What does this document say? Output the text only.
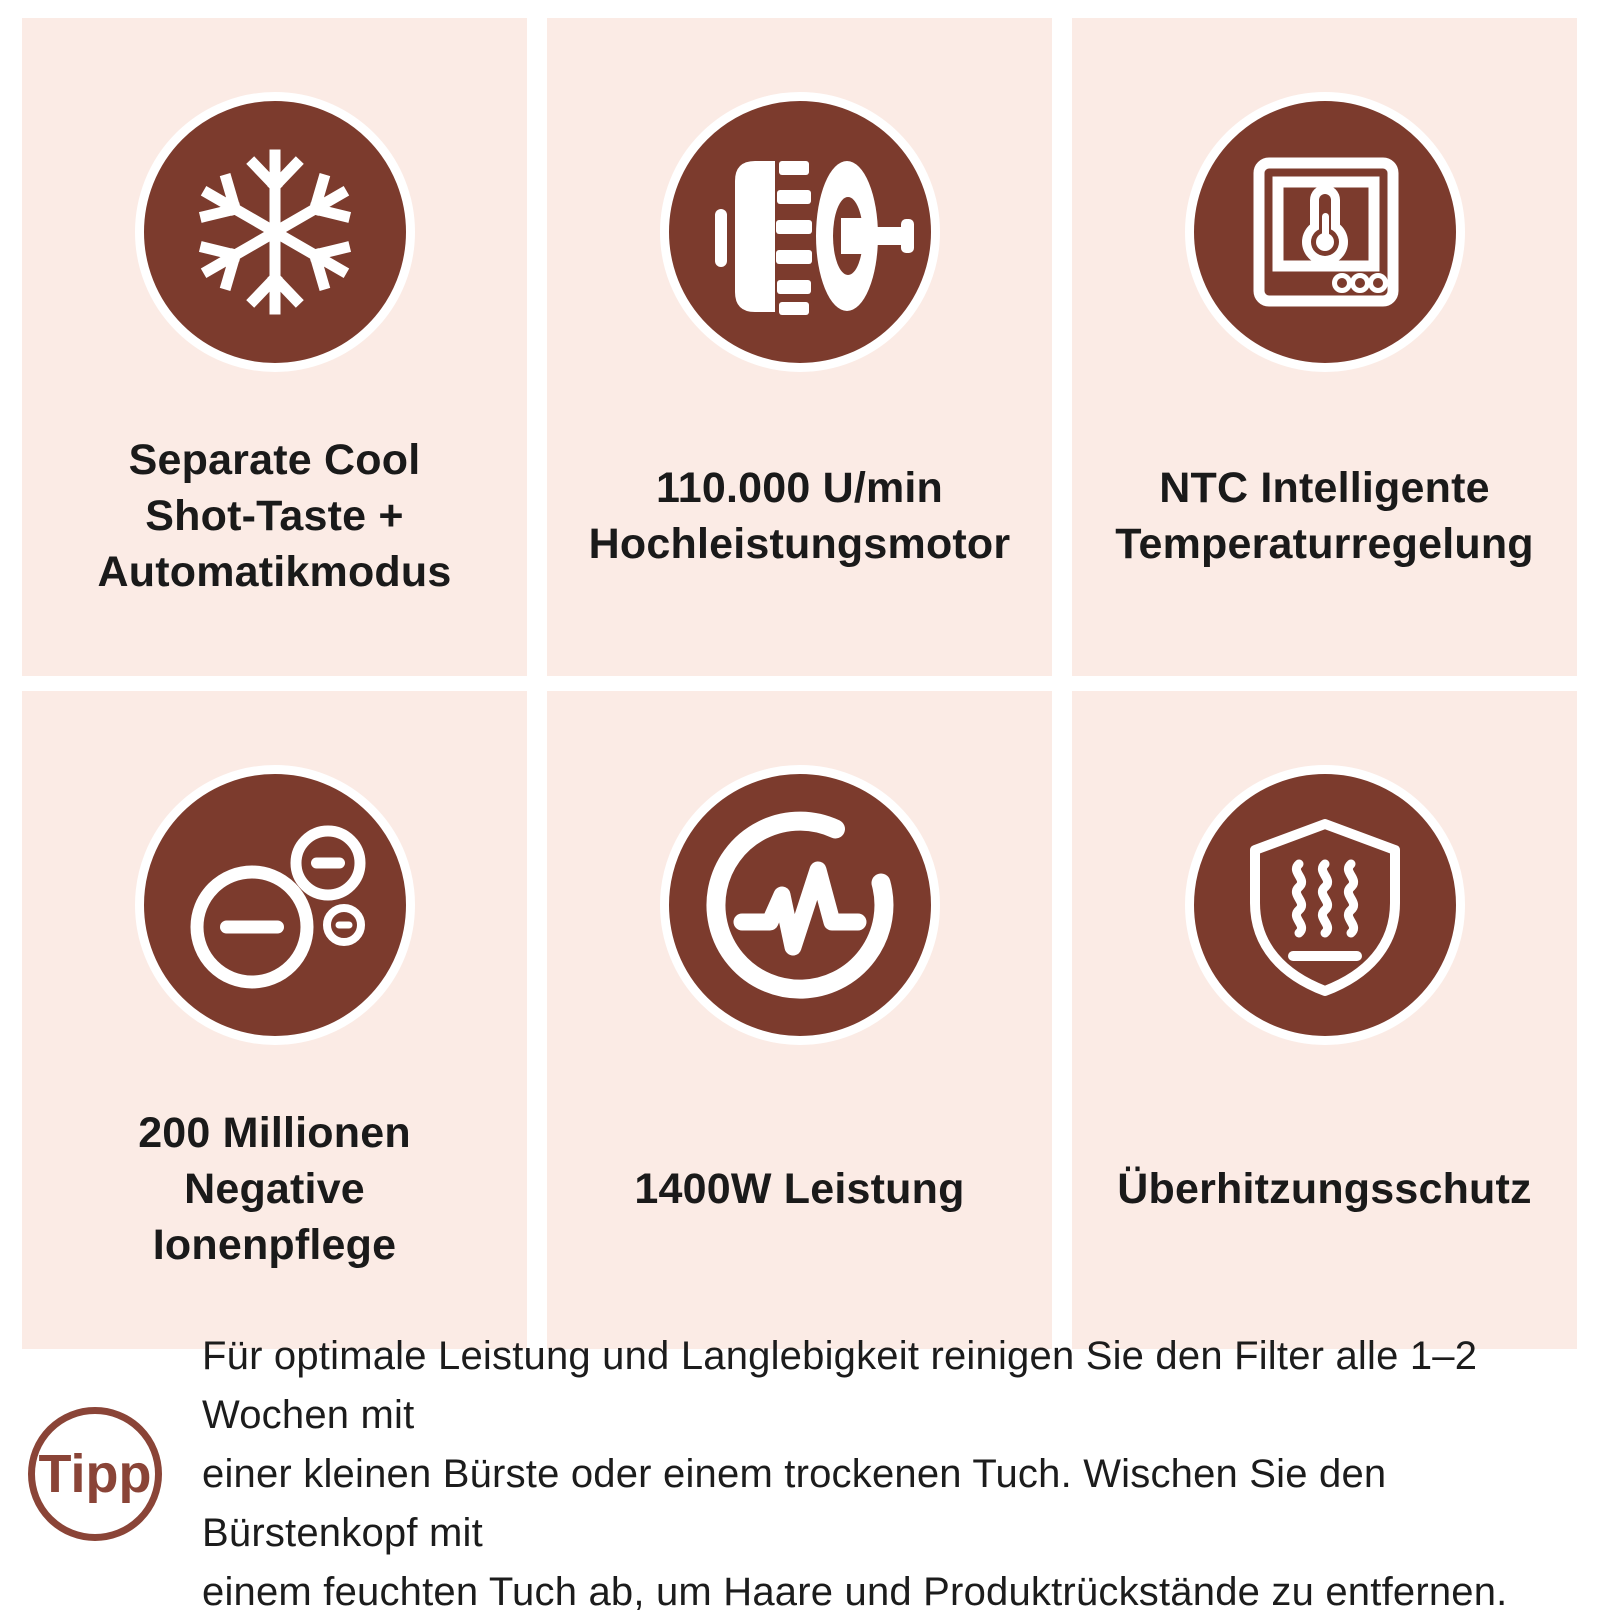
Separate Cool
Shot-Taste +
Automatikmodus
110.000 U/min
Hochleistungsmotor
NTC Intelligente
Temperaturregelung
200 Millionen
Negative
Ionenpflege
1400W Leistung	Überhitzungsschutz
Tipp
Für optimale Leistung und Langlebigkeit reinigen Sie den Filter alle 1–2 Wochen mit
einer kleinen Bürste oder einem trockenen Tuch. Wischen Sie den Bürstenkopf mit
einem feuchten Tuch ab, um Haare und Produktrückstände zu entfernen.
